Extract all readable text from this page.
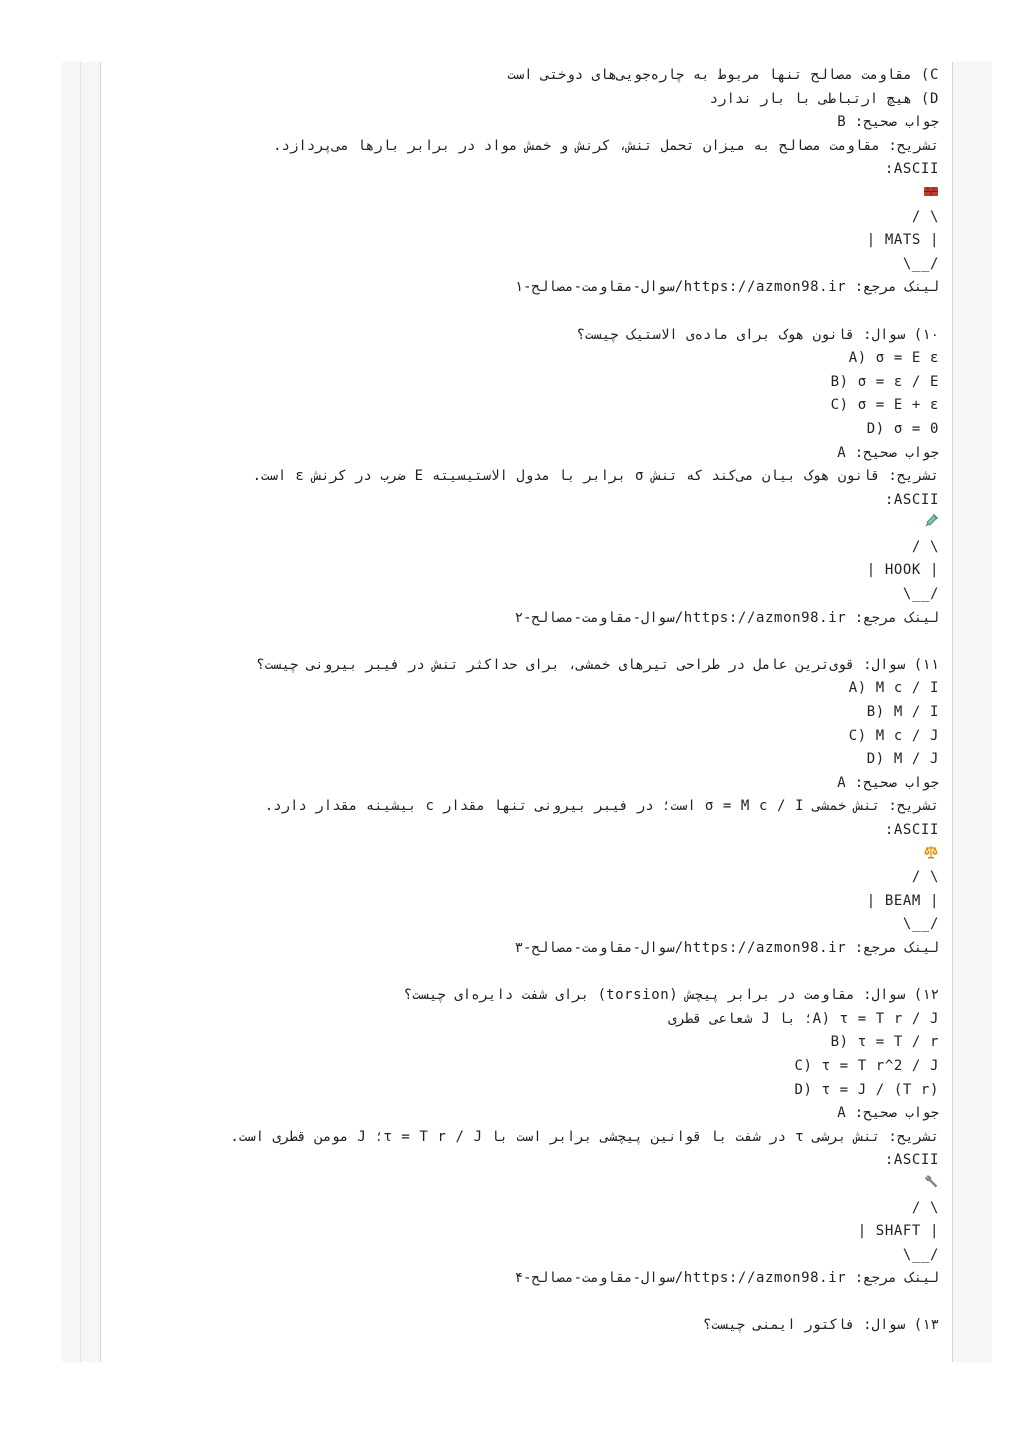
C) مقاومت مصالح تنها مربوط به چاره‌جویی‌های دوختی است
D) هیچ ارتباطی با بار ندارد
جواب صحیح: B
تشریح: مقاومت مصالح به میزان تحمل تنش، کرنش و خمش مواد در برابر بارها می‌پردازد.
ASCII:
/ \
| MATS |
\__/
لینک مرجع: https://azmon98.ir/سوال-مقاومت-مصالح-۱
۱۰) سوال: قانون هوک برای ماده‌ی الاستیک چیست؟
A) σ = E ε
B) σ = ε / E
C) σ = E + ε
D) σ = 0
جواب صحیح: A
تشریح: قانون هوک بیان می‌کند که تنش σ برابر با مدول الاستیسیته E ضرب در کرنش ε است.
ASCII:
/ \
| HOOK |
\__/
لینک مرجع: https://azmon98.ir/سوال-مقاومت-مصالح-۲
۱۱) سوال: قوی‌ترین عامل در طراحی تیرهای خمشی، برای حداکثر تنش در فیبر بیرونی چیست؟
A) M c / I
B) M / I
C) M c / J
D) M / J
جواب صحیح: A
تشریح: تنش خمشی σ = M c / I است؛ در فیبر بیرونی تنها مقدار c بیشینه مقدار دارد.
ASCII:
/ \
| BEAM |
\__/
لینک مرجع: https://azmon98.ir/سوال-مقاومت-مصالح-۳
۱۲) سوال: مقاومت در برابر پیچش (torsion) برای شفت دایره‌ای چیست؟
A) τ = T r / J؛ با J شعاعی قطری
B) τ = T / r
C) τ = T r^2 / J
D) τ = J / (T r)
جواب صحیح: A
تشریح: تنش برشی τ در شفت با قوانین پیچشی برابر است با τ = T r / J؛ J مومن قطری است.
ASCII:
/ \
| SHAFT |
\__/
لینک مرجع: https://azmon98.ir/سوال-مقاومت-مصالح-۴
۱۳) سوال: فاکتور ایمنی چیست؟
